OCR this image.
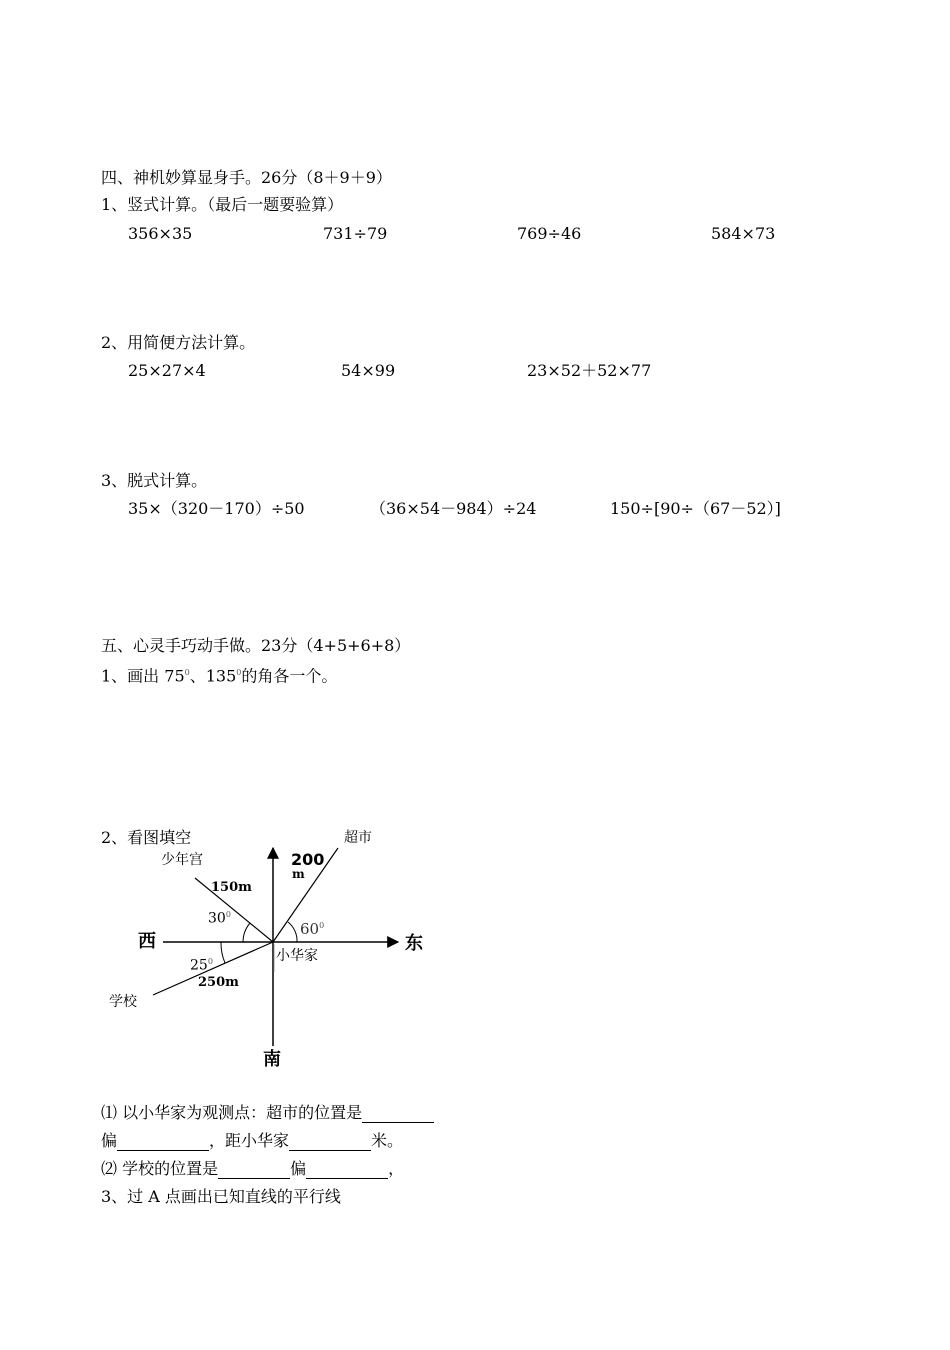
四、神机妙算显身手。26分（8＋9＋9）
1、竖式计算。（最后一题要验算）
356×35	731÷79	769÷46	584×73
2、用简便方法计算。
25×27×4	54×99	23×52＋52×77
3、脱式计算。
35×（320－170）÷50	（36×54－984）÷24	150÷[90÷（67－52）]
五、心灵手巧动手做。23分（4+5+6+8）
1、画出 $75^0$、$135^0$的角各一个。
2、看图填空	超市
少年宫	200
m
150m
$30^0$
$60^0$
西	东
小华家
$25^0$
250m
学校
南
⑴ 以小华家为观测点：超市的位置是
偏	，距小华家	米。
⑵ 学校的位置是	偏	，
3、过 A 点画出已知直线的平行线
